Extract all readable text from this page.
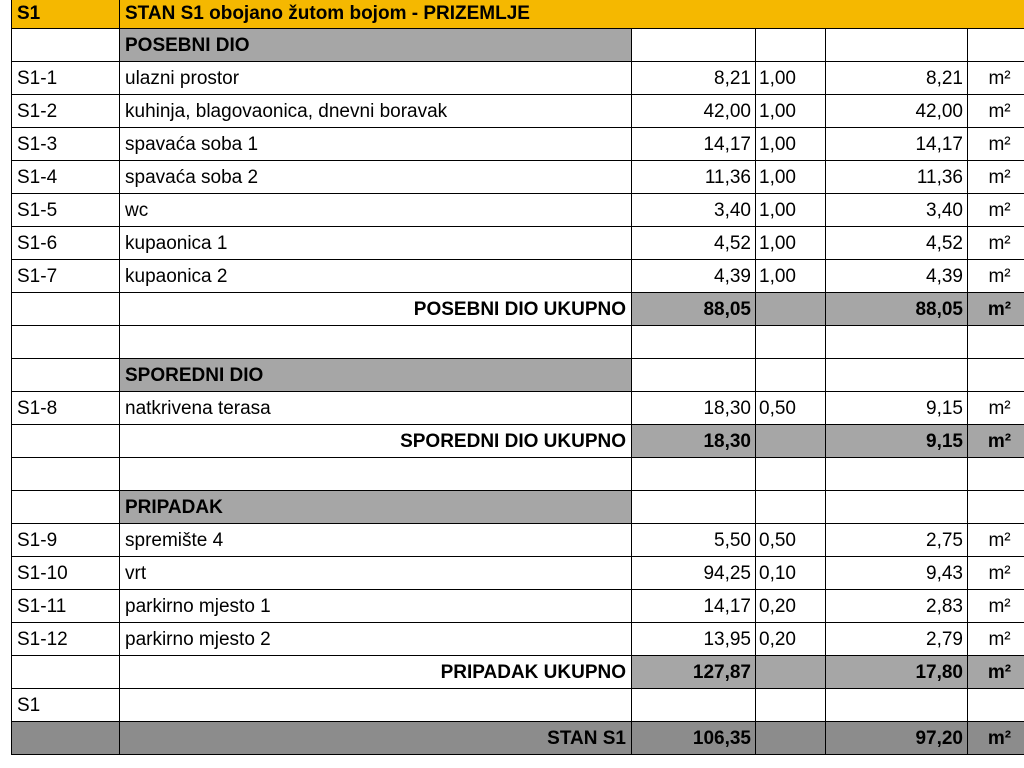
S1	STAN S1 obojano žutom bojom - PRIZEMLJE				
	POSEBNI DIO				
S1-1	ulazni prostor	8,21	1,00	8,21	m²
S1-2	kuhinja, blagovaonica, dnevni boravak	42,00	1,00	42,00	m²
S1-3	spavaća soba 1	14,17	1,00	14,17	m²
S1-4	spavaća soba 2	11,36	1,00	11,36	m²
S1-5	wc	3,40	1,00	3,40	m²
S1-6	kupaonica 1	4,52	1,00	4,52	m²
S1-7	kupaonica 2	4,39	1,00	4,39	m²
	POSEBNI DIO UKUPNO	88,05		88,05	m²

	SPOREDNI DIO				
S1-8	natkrivena terasa	18,30	0,50	9,15	m²
	SPOREDNI DIO UKUPNO	18,30		9,15	m²

	PRIPADAK				
S1-9	spremište 4	5,50	0,50	2,75	m²
S1-10	vrt	94,25	0,10	9,43	m²
S1-11	parkirno mjesto 1	14,17	0,20	2,83	m²
S1-12	parkirno mjesto 2	13,95	0,20	2,79	m²
	PRIPADAK UKUPNO	127,87		17,80	m²
S1					
	STAN S1	106,35		97,20	m²
